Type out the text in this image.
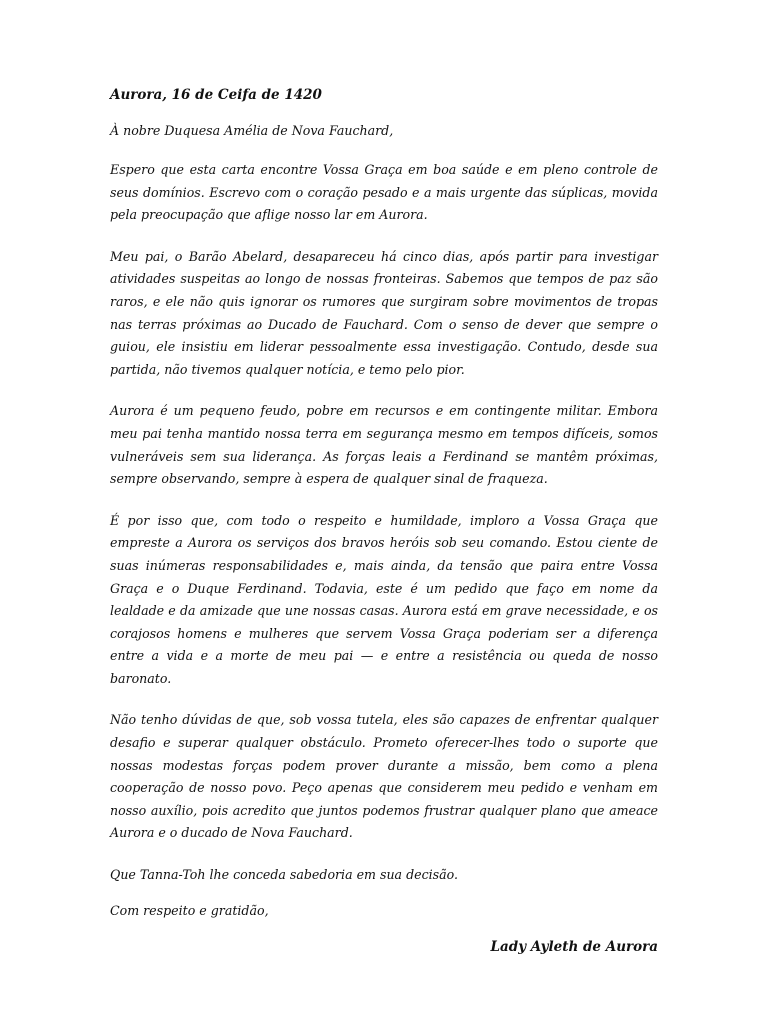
Aurora, 16 de Ceifa de 1420
À nobre Duquesa Amélia de Nova Fauchard,

Espero que esta carta encontre Vossa Graça em boa saúde e em pleno controle de seus domínios. Escrevo com o coração pesado e a mais urgente das súplicas, movida pela preocupação que aflige nosso lar em Aurora.

Meu pai, o Barão Abelard, desapareceu há cinco dias, após partir para investigar atividades suspeitas ao longo de nossas fronteiras. Sabemos que tempos de paz são raros, e ele não quis ignorar os rumores que surgiram sobre movimentos de tropas nas terras próximas ao Ducado de Fauchard. Com o senso de dever que sempre o guiou, ele insistiu em liderar pessoalmente essa investigação. Contudo, desde sua partida, não tivemos qualquer notícia, e temo pelo pior.

Aurora é um pequeno feudo, pobre em recursos e em contingente militar. Embora meu pai tenha mantido nossa terra em segurança mesmo em tempos difíceis, somos vulneráveis sem sua liderança. As forças leais a Ferdinand se mantêm próximas, sempre observando, sempre à espera de qualquer sinal de fraqueza.

É por isso que, com todo o respeito e humildade, imploro a Vossa Graça que empreste a Aurora os serviços dos bravos heróis sob seu comando. Estou ciente de suas inúmeras responsabilidades e, mais ainda, da tensão que paira entre Vossa Graça e o Duque Ferdinand. Todavia, este é um pedido que faço em nome da lealdade e da amizade que une nossas casas. Aurora está em grave necessidade, e os corajosos homens e mulheres que servem Vossa Graça poderiam ser a diferença entre a vida e a morte de meu pai — e entre a resistência ou queda de nosso baronato.

Não tenho dúvidas de que, sob vossa tutela, eles são capazes de enfrentar qualquer desafio e superar qualquer obstáculo. Prometo oferecer-lhes todo o suporte que nossas modestas forças podem prover durante a missão, bem como a plena cooperação de nosso povo. Peço apenas que considerem meu pedido e venham em nosso auxílio, pois acredito que juntos podemos frustrar qualquer plano que ameace Aurora e o ducado de Nova Fauchard.

Que Tanna-Toh lhe conceda sabedoria em sua decisão.
Com respeito e gratidão,
Lady Ayleth de Aurora
